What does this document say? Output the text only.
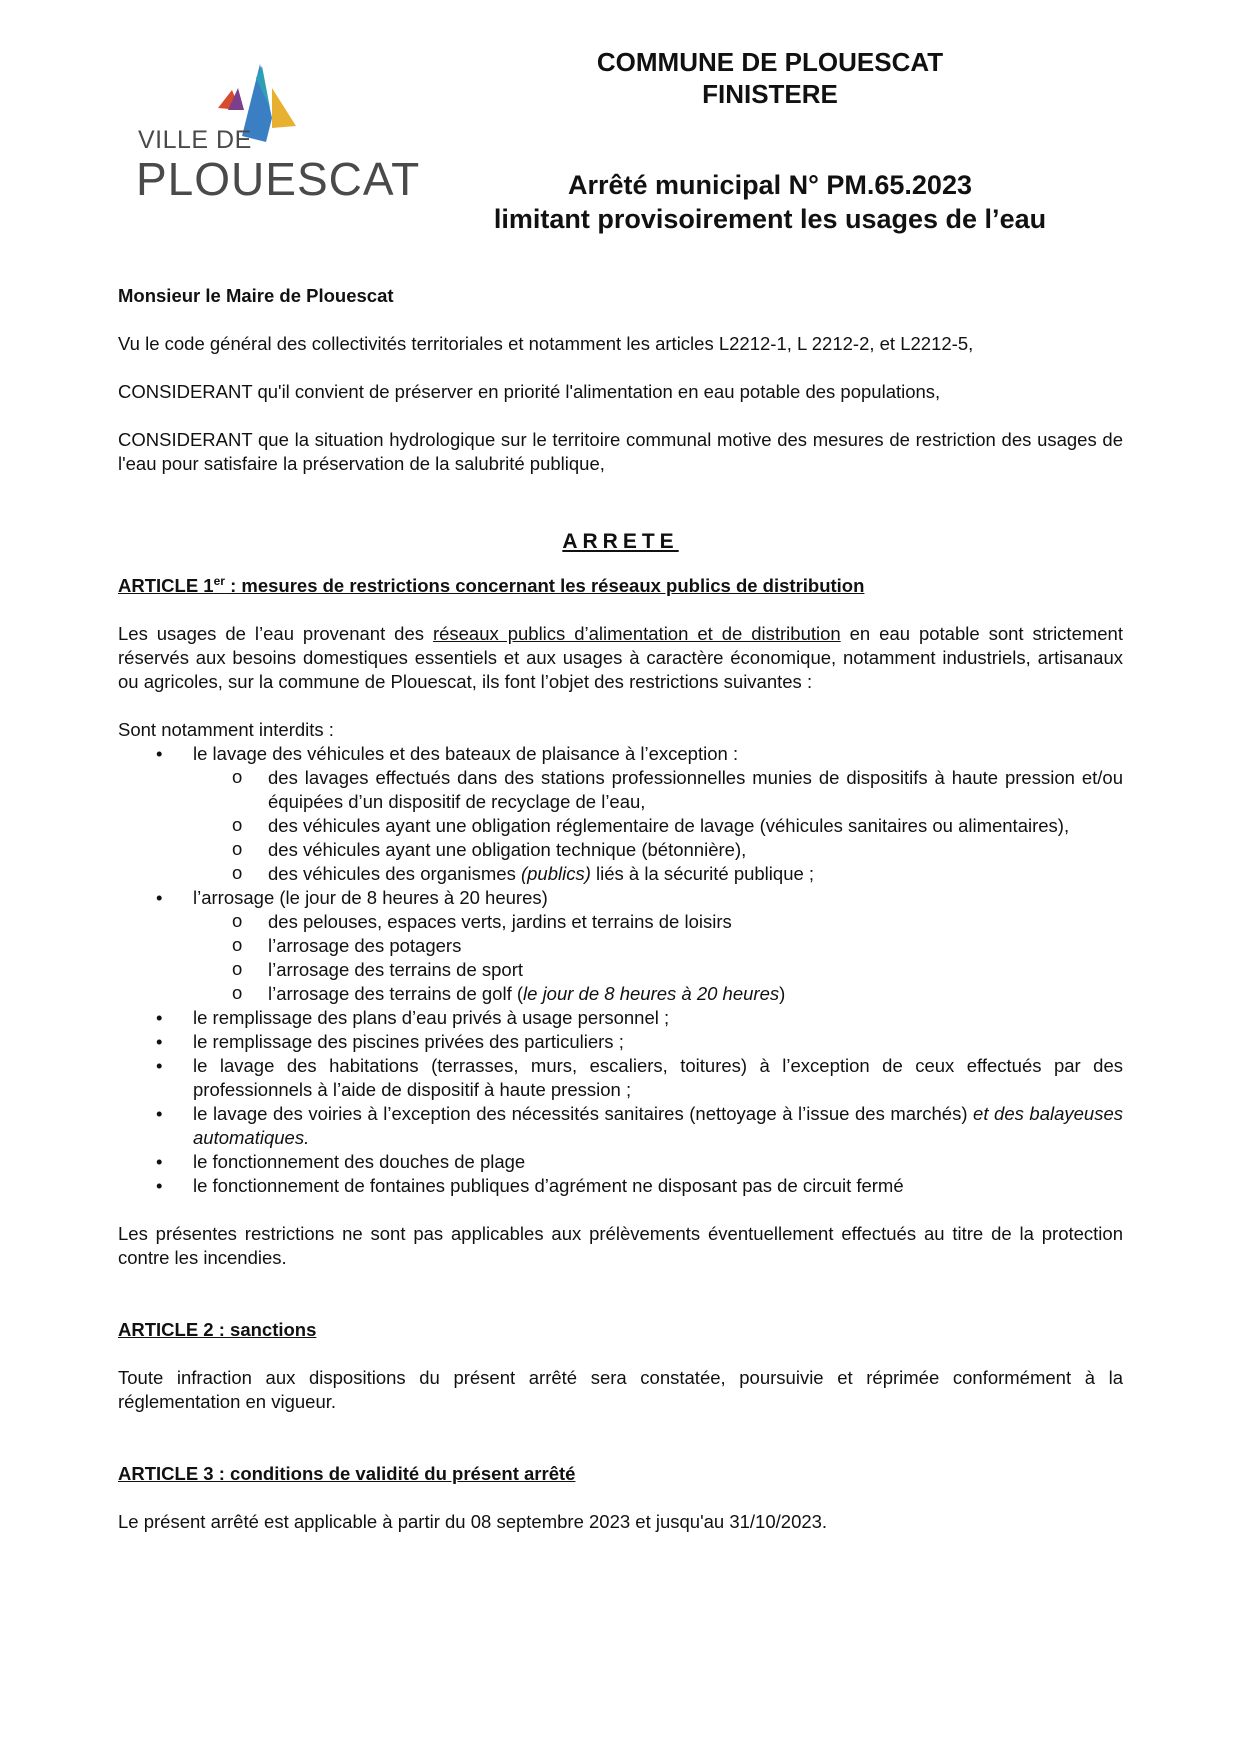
VILLE DE
PLOUESCAT
COMMUNE DE PLOUESCAT
FINISTERE
Arrêté municipal N° PM.65.2023
limitant provisoirement les usages de l’eau

Monsieur le Maire de Plouescat

Vu le code général des collectivités territoriales et notamment les articles L2212-1, L 2212-2, et L2212-5,

CONSIDERANT qu'il convient de préserver en priorité l'alimentation en eau potable des populations,

CONSIDERANT que la situation hydrologique sur le territoire communal motive des mesures de restriction des usages de l'eau pour satisfaire la préservation de la salubrité publique,

ARRETE

ARTICLE 1er : mesures de restrictions concernant les réseaux publics de distribution

Les usages de l’eau provenant des réseaux publics d’alimentation et de distribution en eau potable sont strictement réservés aux besoins domestiques essentiels et aux usages à caractère économique, notamment industriels, artisanaux ou agricoles, sur la commune de Plouescat, ils font l’objet des restrictions suivantes :

Sont notamment interdits :

• le lavage des véhicules et des bateaux de plaisance à l’exception :
o des lavages effectués dans des stations professionnelles munies de dispositifs à haute pression et/ou équipées d’un dispositif de recyclage de l’eau,
o des véhicules ayant une obligation réglementaire de lavage (véhicules sanitaires ou alimentaires),
o des véhicules ayant une obligation technique (bétonnière),
o des véhicules des organismes (publics) liés à la sécurité publique ;
• l’arrosage (le jour de 8 heures à 20 heures)
o des pelouses, espaces verts, jardins et terrains de loisirs
o l’arrosage des potagers
o l’arrosage des terrains de sport
o l’arrosage des terrains de golf (le jour de 8 heures à 20 heures)
• le remplissage des plans d’eau privés à usage personnel ;
• le remplissage des piscines privées des particuliers ;
• le lavage des habitations (terrasses, murs, escaliers, toitures) à l’exception de ceux effectués par des professionnels à l’aide de dispositif à haute pression ;
• le lavage des voiries à l’exception des nécessités sanitaires (nettoyage à l’issue des marchés) et des balayeuses automatiques.
• le fonctionnement des douches de plage
• le fonctionnement de fontaines publiques d’agrément ne disposant pas de circuit fermé

Les présentes restrictions ne sont pas applicables aux prélèvements éventuellement effectués au titre de la protection contre les incendies.

ARTICLE 2 : sanctions

Toute infraction aux dispositions du présent arrêté sera constatée, poursuivie et réprimée conformément à la réglementation en vigueur.

ARTICLE 3 : conditions de validité du présent arrêté

Le présent arrêté est applicable à partir du 08 septembre 2023 et jusqu'au 31/10/2023.
